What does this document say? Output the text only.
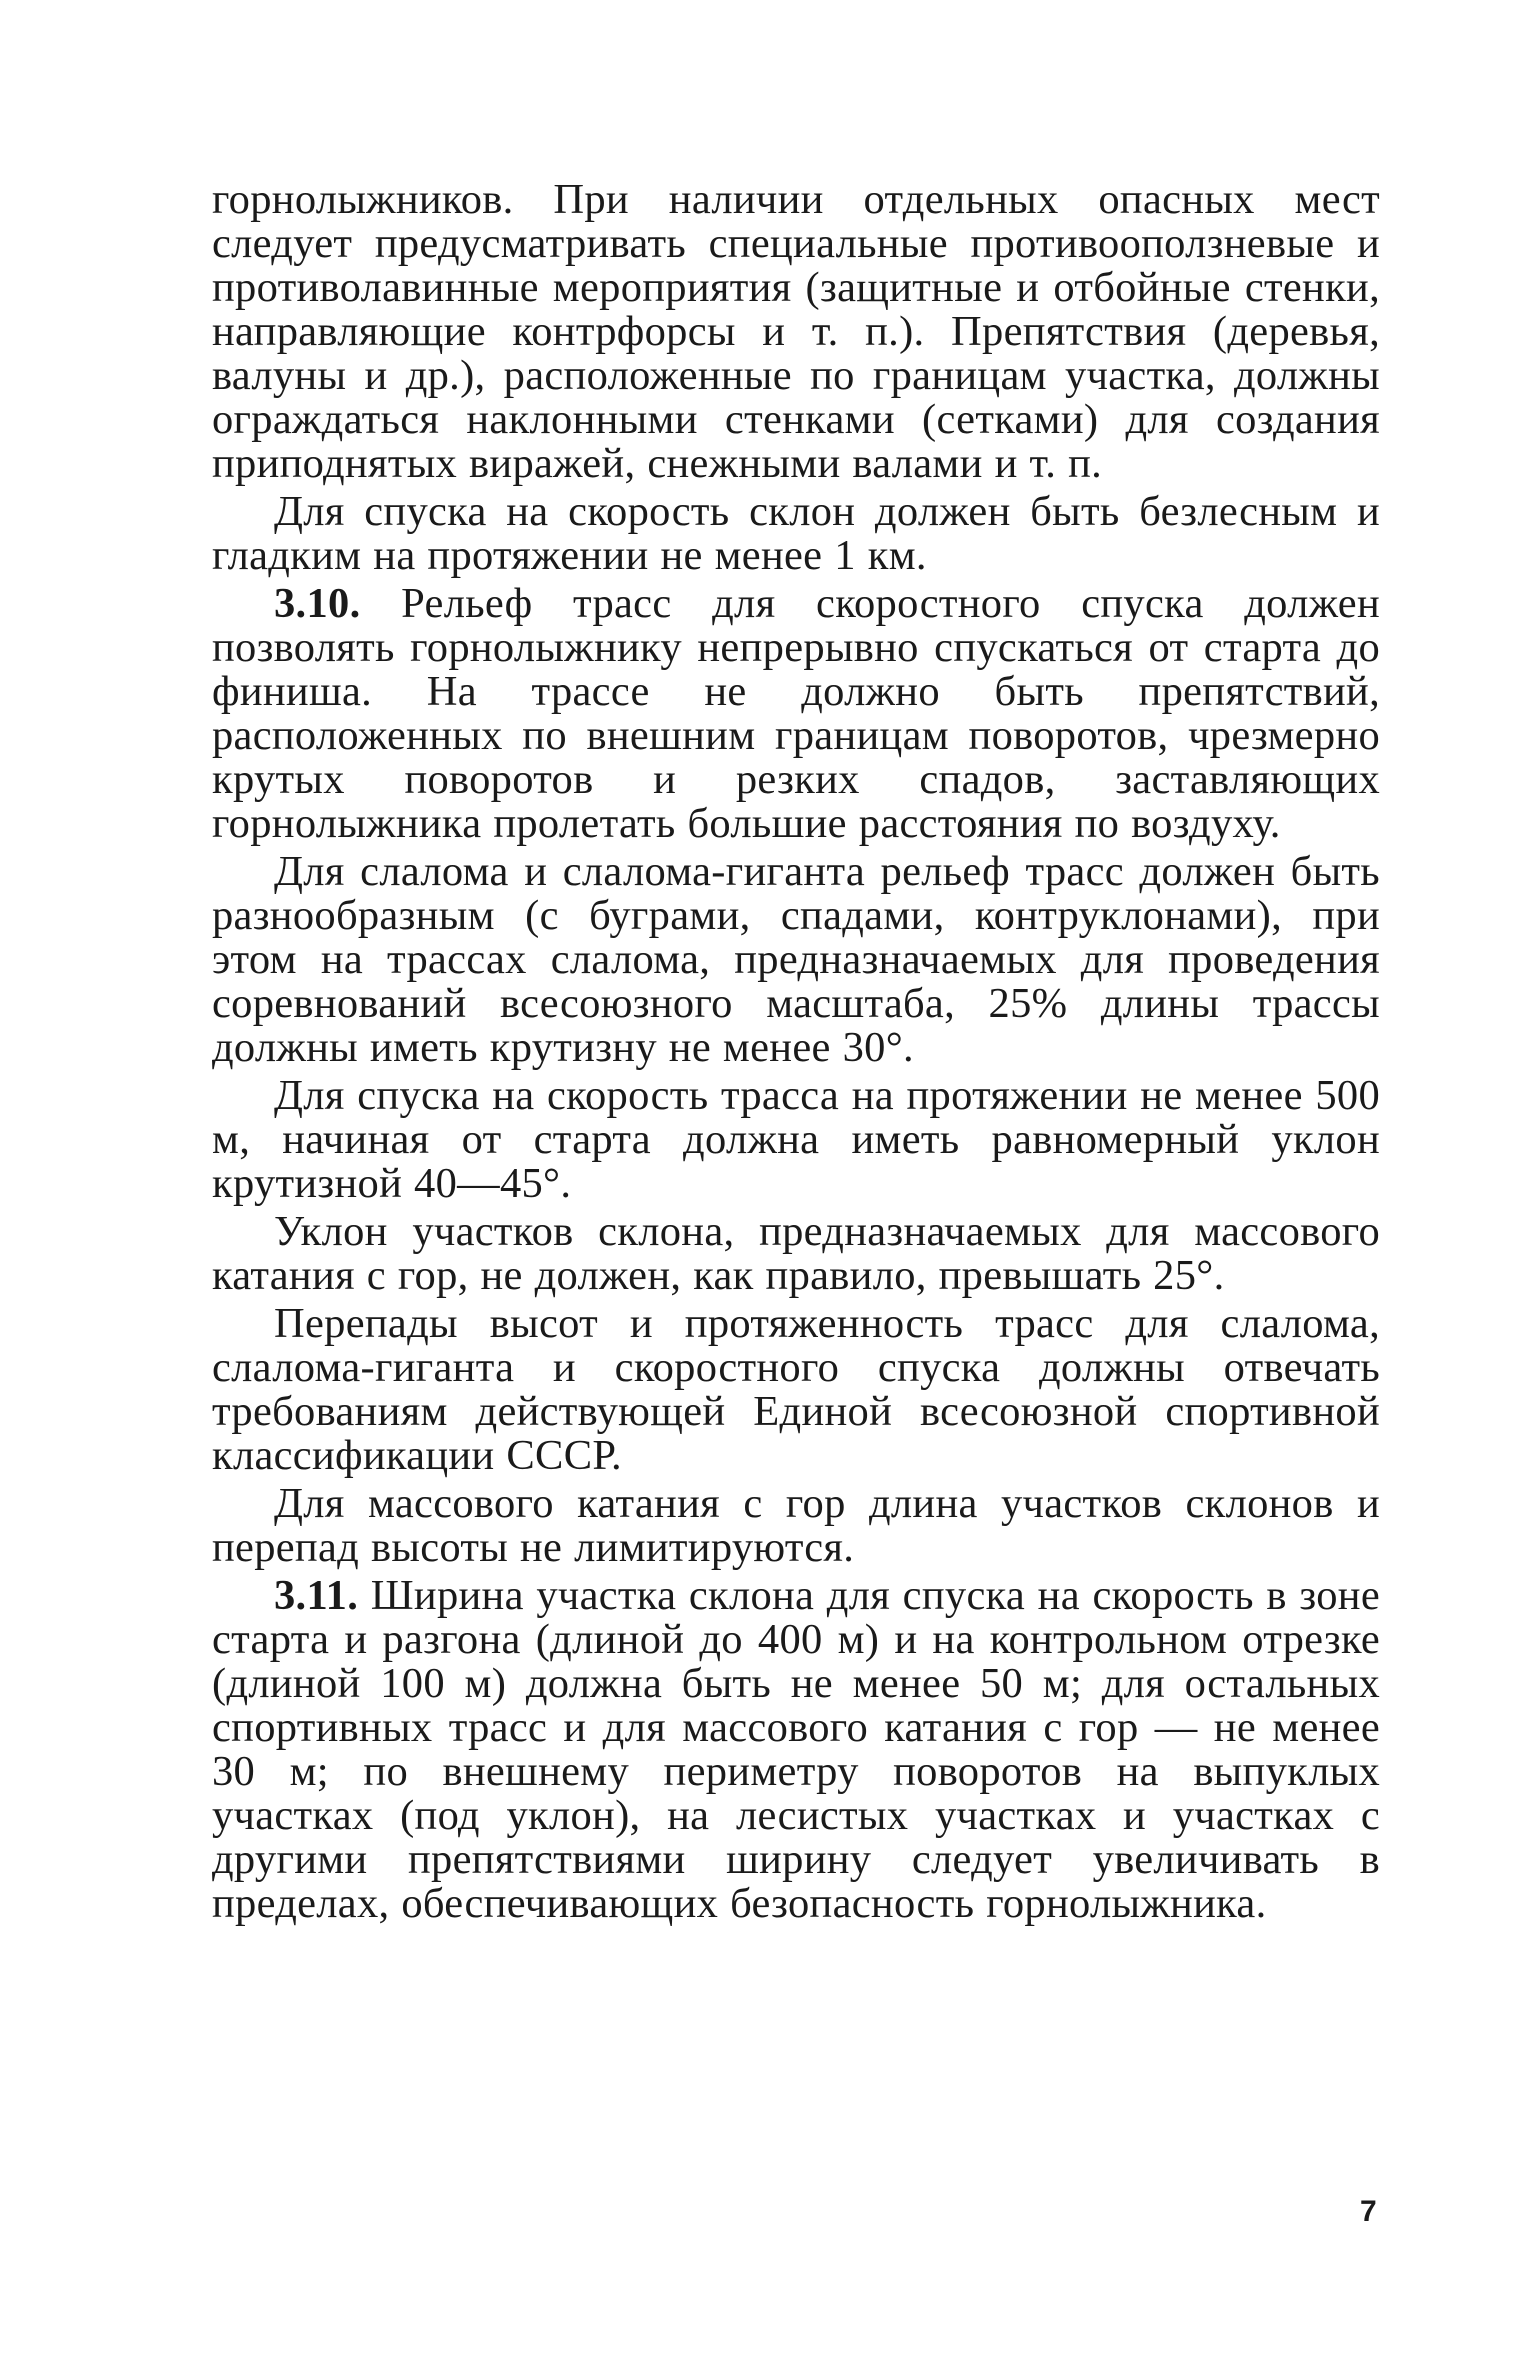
горнолыжников. При наличии отдельных опасных мест следует предусматривать специальные противооползневые и противолавинные мероприятия (защитные и отбойные стенки, направляющие контрфорсы и т. п.). Препятствия (деревья, валуны и др.), расположенные по границам участка, должны ограждаться наклонными стенками (сетками) для создания приподнятых виражей, снежными валами и т. п.

Для спуска на скорость склон должен быть безлесным и гладким на протяжении не менее 1 км.

3.10. Рельеф трасс для скоростного спуска должен позволять горнолыжнику непрерывно спускаться от старта до финиша. На трассе не должно быть препятствий, расположенных по внешним границам поворотов, чрезмерно крутых поворотов и резких спадов, заставляющих горнолыжника пролетать большие расстояния по воздуху.

Для слалома и слалома-гиганта рельеф трасс должен быть разнообразным (с буграми, спадами, контруклонами), при этом на трассах слалома, предназначаемых для проведения соревнований всесоюзного масштаба, 25% длины трассы должны иметь крутизну не менее 30°.

Для спуска на скорость трасса на протяжении не менее 500 м, начиная от старта должна иметь равномерный уклон крутизной 40—45°.

Уклон участков склона, предназначаемых для массового катания с гор, не должен, как правило, превышать 25°.

Перепады высот и протяженность трасс для слалома, слалома-гиганта и скоростного спуска должны отвечать требованиям действующей Единой всесоюзной спортивной классификации СССР.

Для массового катания с гор длина участков склонов и перепад высоты не лимитируются.

3.11. Ширина участка склона для спуска на скорость в зоне старта и разгона (длиной до 400 м) и на контрольном отрезке (длиной 100 м) должна быть не менее 50 м; для остальных спортивных трасс и для массового катания с гор — не менее 30 м; по внешнему периметру поворотов на выпуклых участках (под уклон), на лесистых участках и участках с другими препятствиями ширину следует увеличивать в пределах, обеспечивающих безопасность горнолыжника.

7
